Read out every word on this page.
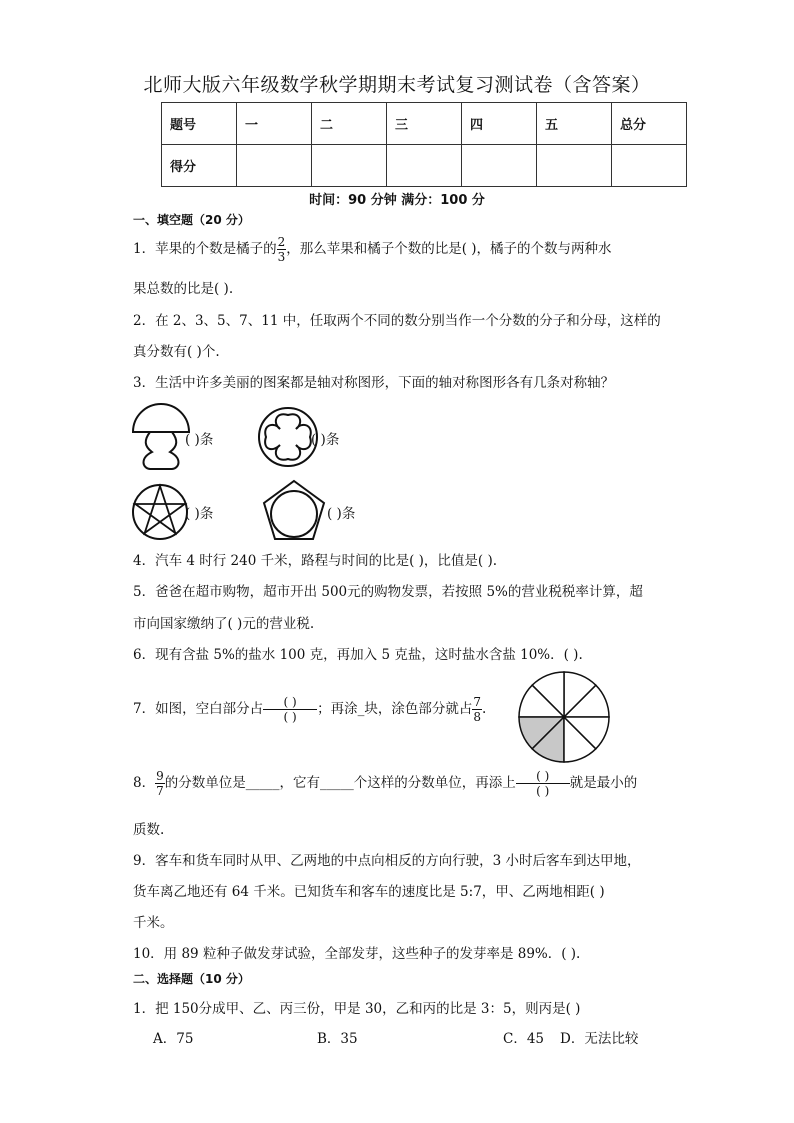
北师大版六年级数学秋学期期末考试复习测试卷（含答案）
题号	一	二	三	四	五	总分
得分						
时间：90 分钟 满分：100 分
一、填空题（20 分）
1．苹果的个数是橘子的 $\frac{2}{3}$ ，那么苹果和橘子个数的比是( )，橘子的个数与两种水
果总数的比是( ).
2．在 2、3、5、7、11 中，任取两个不同的数分别当作一个分数的分子和分母，这样的
真分数有( )个.
3．生活中许多美丽的图案都是轴对称图形，下面的轴对称图形各有几条对称轴？
( )条	( )条
( )条	( )条
4．汽车 4 时行 240 千米，路程与时间的比是( )，比值是( ).
5．爸爸在超市购物，超市开出 500元的购物发票，若按照 5%的营业税税率计算，超
市向国家缴纳了( )元的营业税.
6．现有含盐 5%的盐水 100 克，再加入 5 克盐，这时盐水含盐 10%．( ).
7．如图，空白部分占 $\frac{( )}{( )}$ ；再涂_块，涂色部分就占 $\frac{7}{8}$ .
8． $\frac{9}{7}$ 的分数单位是_____，它有_____个这样的分数单位，再添上 $\frac{( )}{( )}$ 就是最小的
质数.
9．客车和货车同时从甲、乙两地的中点向相反的方向行驶，3 小时后客车到达甲地，
货车离乙地还有 64 千米。已知货车和客车的速度比是 5:7，甲、乙两地相距( )
千米。
10．用 89 粒种子做发芽试验，全部发芽，这些种子的发芽率是 89%．( ).
二、选择题（10 分）
1．把 150分成甲、乙、丙三份，甲是 30，乙和丙的比是 3：5，则丙是( )
A．75	B．35	C．45 D．无法比较
